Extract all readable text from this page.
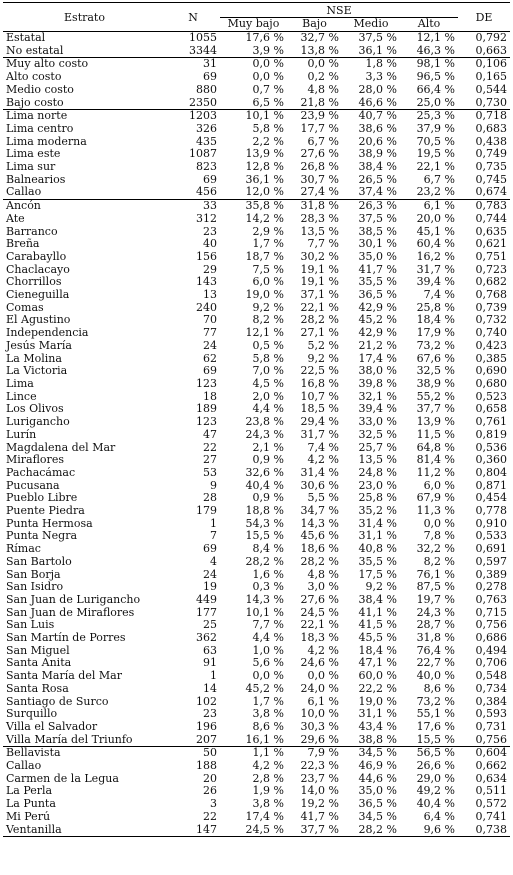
Estrato	N	NSE				DE
		Muy bajo	Bajo	Medio	Alto	
Estatal	1055	17,6 %	32,7 %	37,5 %	12,1 %	0,792
No estatal	3344	3,9 %	13,8 %	36,1 %	46,3 %	0,663
Muy alto costo	31	0,0 %	0,0 %	1,8 %	98,1 %	0,106
Alto costo	69	0,0 %	0,2 %	3,3 %	96,5 %	0,165
Medio costo	880	0,7 %	4,8 %	28,0 %	66,4 %	0,544
Bajo costo	2350	6,5 %	21,8 %	46,6 %	25,0 %	0,730
Lima norte	1203	10,1 %	23,9 %	40,7 %	25,3 %	0,718
Lima centro	326	5,8 %	17,7 %	38,6 %	37,9 %	0,683
Lima moderna	435	2,2 %	6,7 %	20,6 %	70,5 %	0,438
Lima este	1087	13,9 %	27,6 %	38,9 %	19,5 %	0,749
Lima sur	823	12,8 %	26,8 %	38,4 %	22,1 %	0,735
Balnearios	69	36,1 %	30,7 %	26,5 %	6,7 %	0,745
Callao	456	12,0 %	27,4 %	37,4 %	23,2 %	0,674
Ancón	33	35,8 %	31,8 %	26,3 %	6,1 %	0,783
Ate	312	14,2 %	28,3 %	37,5 %	20,0 %	0,744
Barranco	23	2,9 %	13,5 %	38,5 %	45,1 %	0,635
Breña	40	1,7 %	7,7 %	30,1 %	60,4 %	0,621
Carabayllo	156	18,7 %	30,2 %	35,0 %	16,2 %	0,751
Chaclacayo	29	7,5 %	19,1 %	41,7 %	31,7 %	0,723
Chorrillos	143	6,0 %	19,1 %	35,5 %	39,4 %	0,682
Cieneguilla	13	19,0 %	37,1 %	36,5 %	7,4 %	0,768
Comas	240	9,2 %	22,1 %	42,9 %	25,8 %	0,739
El Agustino	70	8,2 %	28,2 %	45,2 %	18,4 %	0,732
Independencia	77	12,1 %	27,1 %	42,9 %	17,9 %	0,740
Jesús María	24	0,5 %	5,2 %	21,2 %	73,2 %	0,423
La Molina	62	5,8 %	9,2 %	17,4 %	67,6 %	0,385
La Victoria	69	7,0 %	22,5 %	38,0 %	32,5 %	0,690
Lima	123	4,5 %	16,8 %	39,8 %	38,9 %	0,680
Lince	18	2,0 %	10,7 %	32,1 %	55,2 %	0,523
Los Olivos	189	4,4 %	18,5 %	39,4 %	37,7 %	0,658
Lurigancho	123	23,8 %	29,4 %	33,0 %	13,9 %	0,761
Lurín	47	24,3 %	31,7 %	32,5 %	11,5 %	0,819
Magdalena del Mar	22	2,1 %	7,4 %	25,7 %	64,8 %	0,536
Miraflores	27	0,9 %	4,2 %	13,5 %	81,4 %	0,360
Pachacámac	53	32,6 %	31,4 %	24,8 %	11,2 %	0,804
Pucusana	9	40,4 %	30,6 %	23,0 %	6,0 %	0,871
Pueblo Libre	28	0,9 %	5,5 %	25,8 %	67,9 %	0,454
Puente Piedra	179	18,8 %	34,7 %	35,2 %	11,3 %	0,778
Punta Hermosa	1	54,3 %	14,3 %	31,4 %	0,0 %	0,910
Punta Negra	7	15,5 %	45,6 %	31,1 %	7,8 %	0,533
Rímac	69	8,4 %	18,6 %	40,8 %	32,2 %	0,691
San Bartolo	4	28,2 %	28,2 %	35,5 %	8,2 %	0,597
San Borja	24	1,6 %	4,8 %	17,5 %	76,1 %	0,389
San Isidro	19	0,3 %	3,0 %	9,2 %	87,5 %	0,278
San Juan de Lurigancho	449	14,3 %	27,6 %	38,4 %	19,7 %	0,763
San Juan de Miraflores	177	10,1 %	24,5 %	41,1 %	24,3 %	0,715
San Luis	25	7,7 %	22,1 %	41,5 %	28,7 %	0,756
San Martín de Porres	362	4,4 %	18,3 %	45,5 %	31,8 %	0,686
San Miguel	63	1,0 %	4,2 %	18,4 %	76,4 %	0,494
Santa Anita	91	5,6 %	24,6 %	47,1 %	22,7 %	0,706
Santa María del Mar	1	0,0 %	0,0 %	60,0 %	40,0 %	0,548
Santa Rosa	14	45,2 %	24,0 %	22,2 %	8,6 %	0,734
Santiago de Surco	102	1,7 %	6,1 %	19,0 %	73,2 %	0,384
Surquillo	23	3,8 %	10,0 %	31,1 %	55,1 %	0,593
Villa el Salvador	196	8,6 %	30,3 %	43,4 %	17,6 %	0,731
Villa María del Triunfo	207	16,1 %	29,6 %	38,8 %	15,5 %	0,756
Bellavista	50	1,1 %	7,9 %	34,5 %	56,5 %	0,604
Callao	188	4,2 %	22,3 %	46,9 %	26,6 %	0,662
Carmen de la Legua	20	2,8 %	23,7 %	44,6 %	29,0 %	0,634
La Perla	26	1,9 %	14,0 %	35,0 %	49,2 %	0,511
La Punta	3	3,8 %	19,2 %	36,5 %	40,4 %	0,572
Mi Perú	22	17,4 %	41,7 %	34,5 %	6,4 %	0,741
Ventanilla	147	24,5 %	37,7 %	28,2 %	9,6 %	0,738
